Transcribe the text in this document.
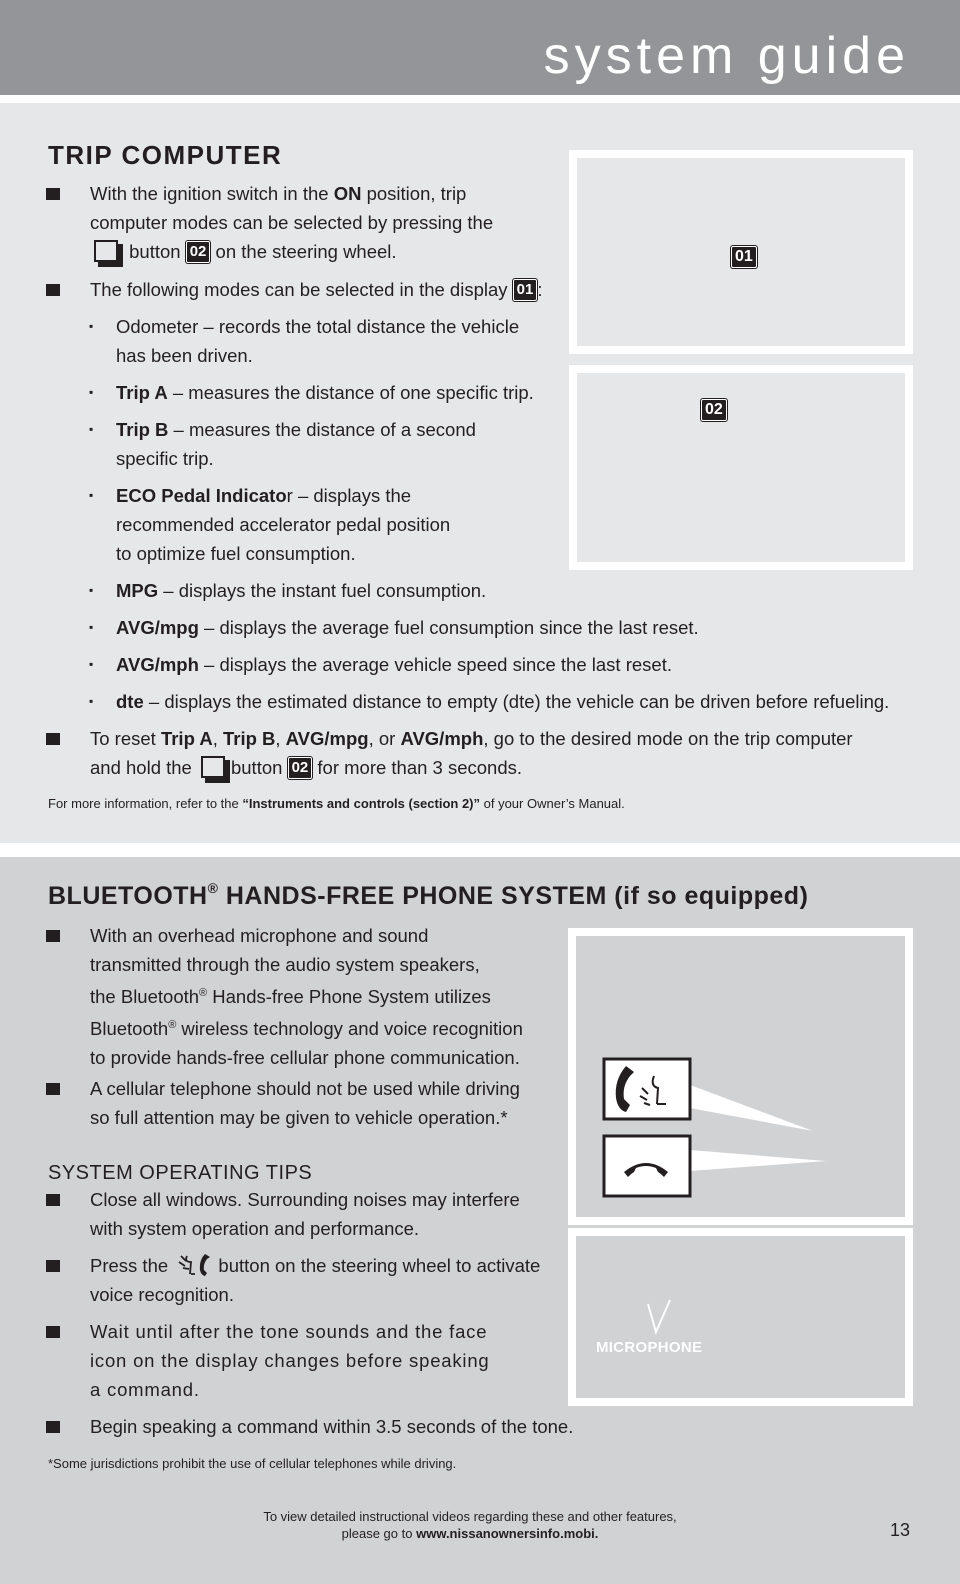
system guide
TRIP COMPUTER
With the ignition switch in the ON position, trip
computer modes can be selected by pressing the
button 02 on the steering wheel.
The following modes can be selected in the display 01 :
▪ Odometer – records the total distance the vehicle
has been driven.
▪ Trip A – measures the distance of one specific trip.
▪ Trip B – measures the distance of a second
specific trip.
▪ ECO Pedal Indicator – displays the
recommended accelerator pedal position
to optimize fuel consumption.
▪ MPG – displays the instant fuel consumption.
▪ AVG/mpg – displays the average fuel consumption since the last reset.
▪ AVG/mph – displays the average vehicle speed since the last reset.
▪ dte – displays the estimated distance to empty (dte) the vehicle can be driven before refueling.
To reset Trip A, Trip B, AVG/mpg, or AVG/mph, go to the desired mode on the trip computer
and hold the button 02 for more than 3 seconds.
For more information, refer to the “Instruments and controls (section 2)” of your Owner’s Manual.
01
02
BLUETOOTH® HANDS-FREE PHONE SYSTEM (if so equipped)
With an overhead microphone and sound
transmitted through the audio system speakers,
the Bluetooth® Hands-free Phone System utilizes
Bluetooth® wireless technology and voice recognition
to provide hands-free cellular phone communication.
A cellular telephone should not be used while driving
so full attention may be given to vehicle operation.*
SYSTEM OPERATING TIPS
Close all windows. Surrounding noises may interfere
with system operation and performance.
Press the  button on the steering wheel to activate
voice recognition.
Wait until after the tone sounds and the face
icon on the display changes before speaking
a command.
Begin speaking a command within 3.5 seconds of the tone.
*Some jurisdictions prohibit the use of cellular telephones while driving.
MICROPHONE
To view detailed instructional videos regarding these and other features,
please go to www.nissanownersinfo.mobi.	13
